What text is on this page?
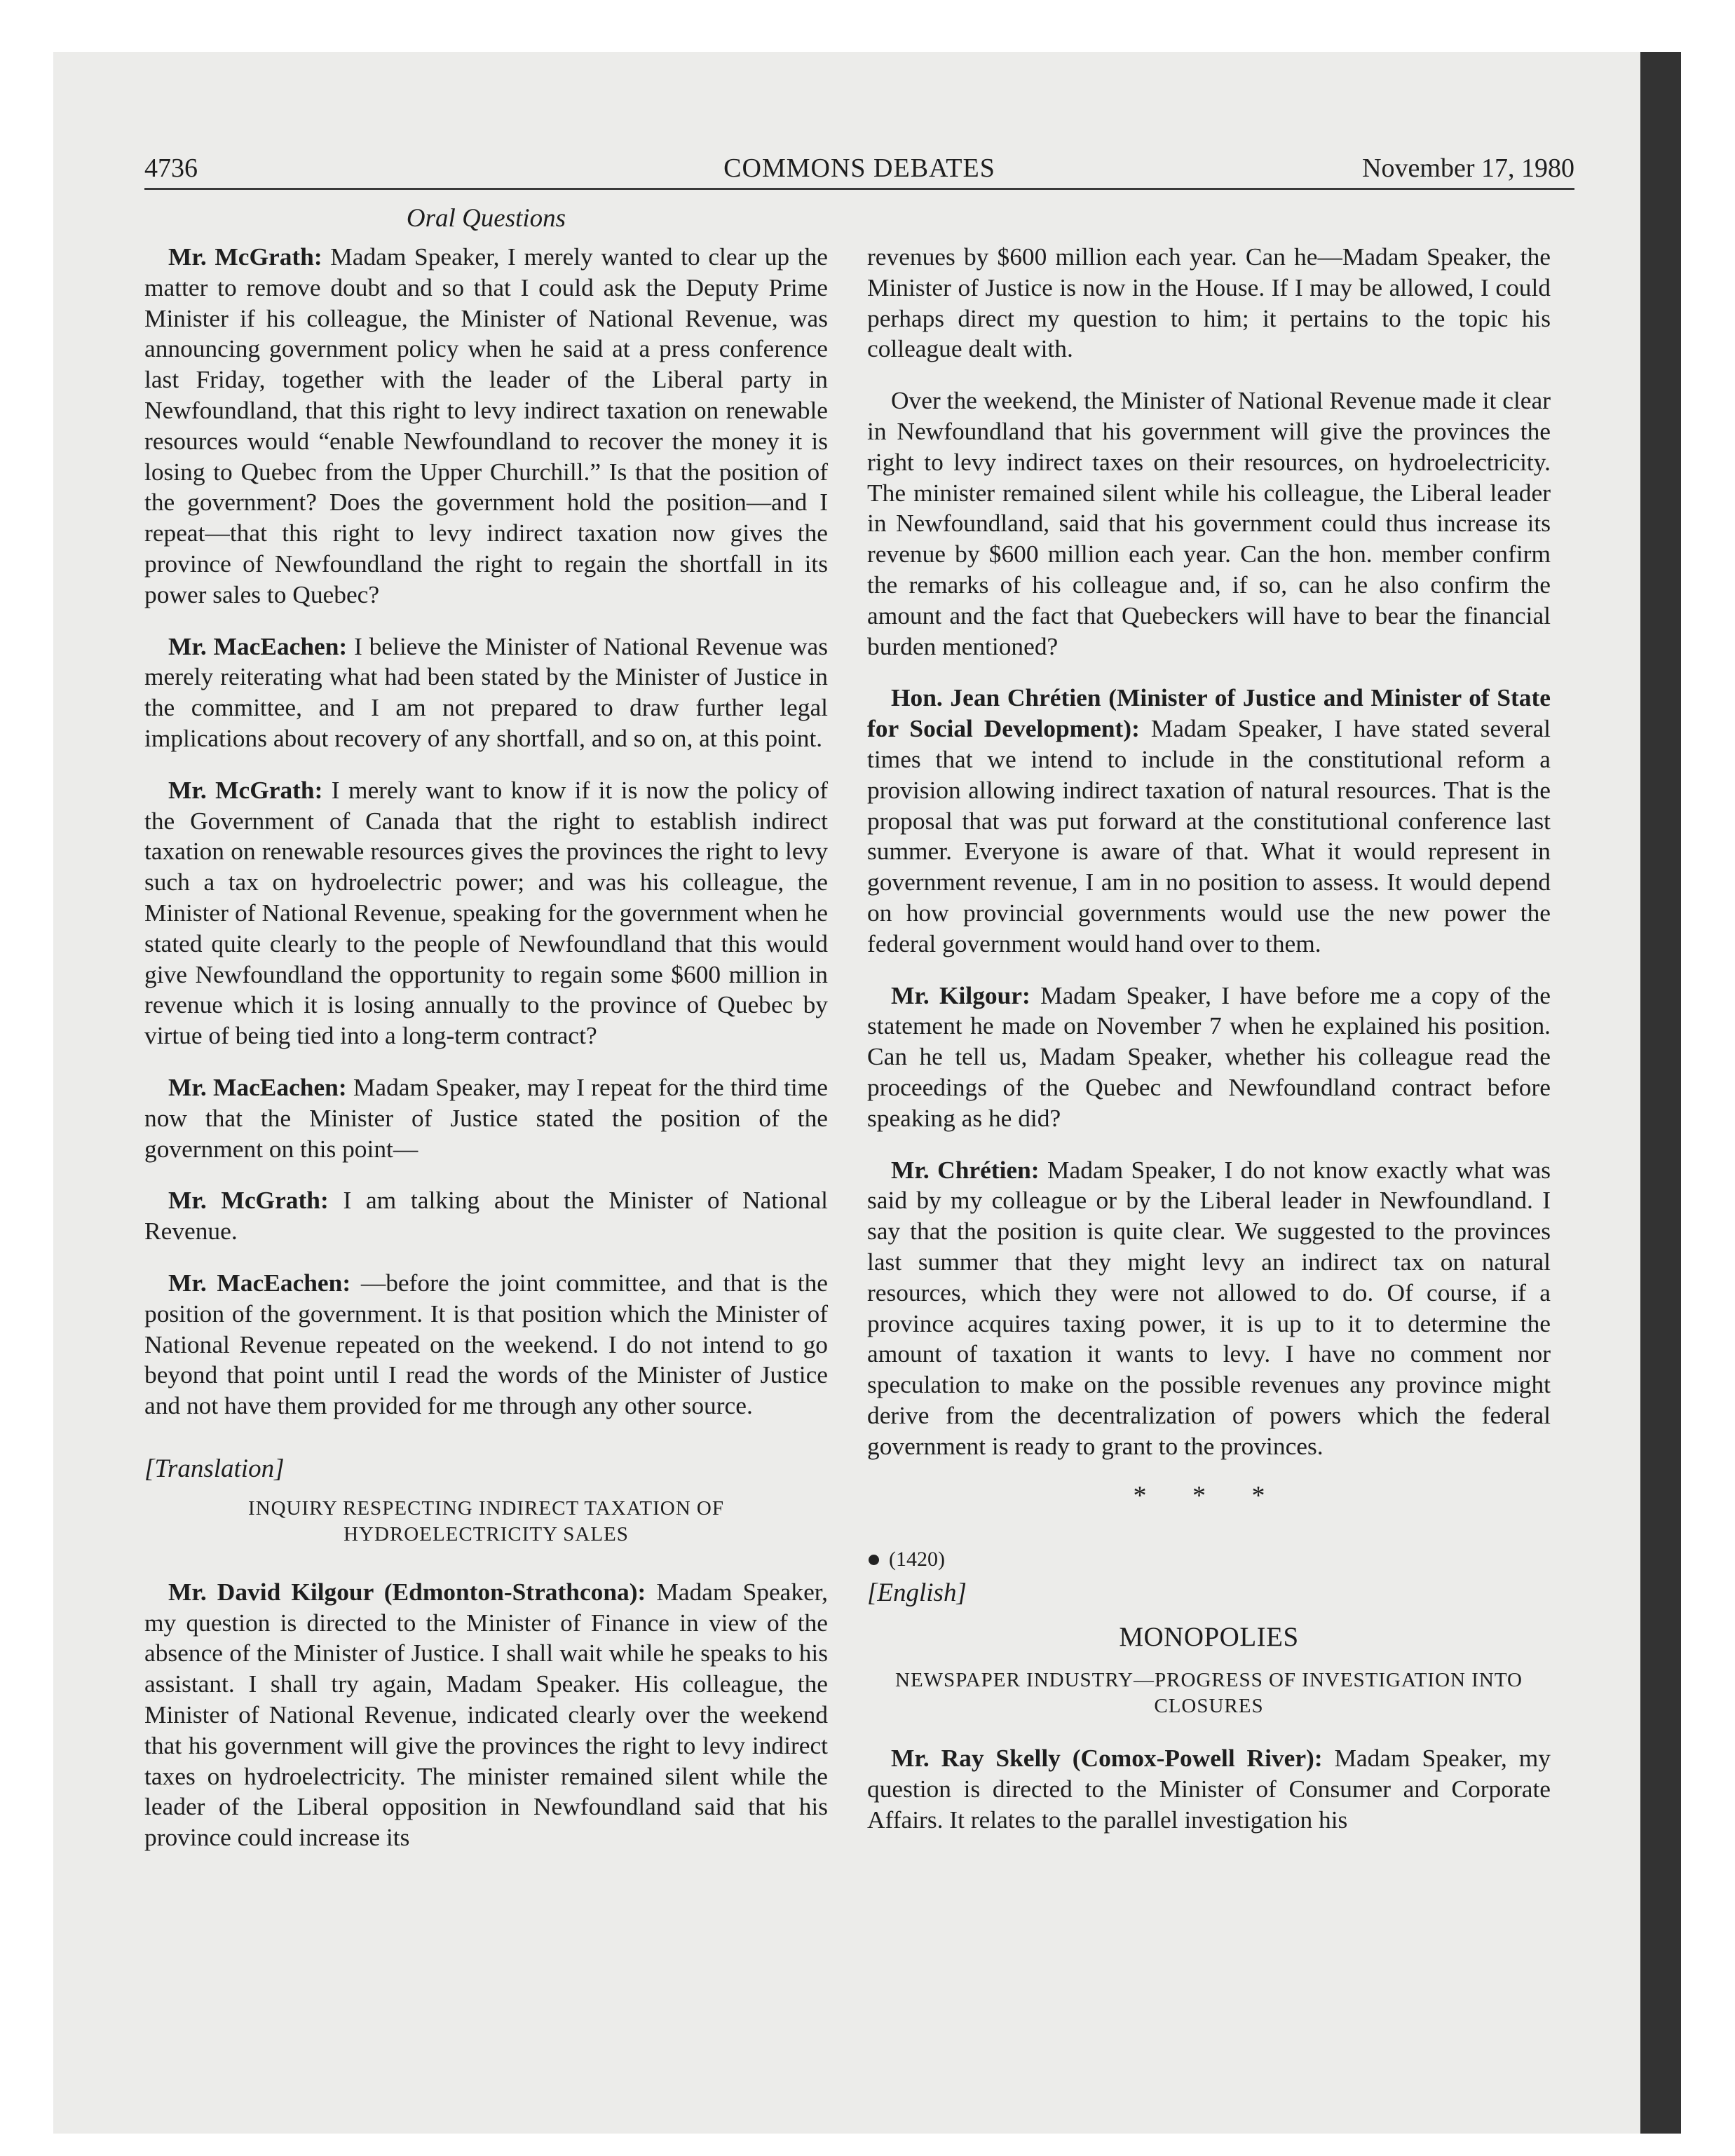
4736	COMMONS DEBATES	November 17, 1980
Oral Questions

Mr. McGrath: Madam Speaker, I merely wanted to clear up the matter to remove doubt and so that I could ask the Deputy Prime Minister if his colleague, the Minister of National Revenue, was announcing government policy when he said at a press conference last Friday, together with the leader of the Liberal party in Newfoundland, that this right to levy indirect taxation on renewable resources would “enable Newfoundland to recover the money it is losing to Quebec from the Upper Churchill.” Is that the position of the government? Does the government hold the position—and I repeat—that this right to levy indirect taxation now gives the province of Newfoundland the right to regain the shortfall in its power sales to Quebec?

Mr. MacEachen: I believe the Minister of National Revenue was merely reiterating what had been stated by the Minister of Justice in the committee, and I am not prepared to draw further legal implications about recovery of any shortfall, and so on, at this point.

Mr. McGrath: I merely want to know if it is now the policy of the Government of Canada that the right to establish indirect taxation on renewable resources gives the provinces the right to levy such a tax on hydroelectric power; and was his colleague, the Minister of National Revenue, speaking for the government when he stated quite clearly to the people of Newfoundland that this would give Newfoundland the opportunity to regain some $600 million in revenue which it is losing annually to the province of Quebec by virtue of being tied into a long-term contract?

Mr. MacEachen: Madam Speaker, may I repeat for the third time now that the Minister of Justice stated the position of the government on this point—

Mr. McGrath: I am talking about the Minister of National Revenue.

Mr. MacEachen: —before the joint committee, and that is the position of the government. It is that position which the Minister of National Revenue repeated on the weekend. I do not intend to go beyond that point until I read the words of the Minister of Justice and not have them provided for me through any other source.

[Translation]
INQUIRY RESPECTING INDIRECT TAXATION OF
HYDROELECTRICITY SALES

Mr. David Kilgour (Edmonton-Strathcona): Madam Speaker, my question is directed to the Minister of Finance in view of the absence of the Minister of Justice. I shall wait while he speaks to his assistant. I shall try again, Madam Speaker. His colleague, the Minister of National Revenue, indicated clearly over the weekend that his government will give the provinces the right to levy indirect taxes on hydroelectricity. The minister remained silent while the leader of the Liberal opposition in Newfoundland said that his province could increase its

revenues by $600 million each year. Can he—Madam Speaker, the Minister of Justice is now in the House. If I may be allowed, I could perhaps direct my question to him; it pertains to the topic his colleague dealt with.

Over the weekend, the Minister of National Revenue made it clear in Newfoundland that his government will give the provinces the right to levy indirect taxes on their resources, on hydroelectricity. The minister remained silent while his colleague, the Liberal leader in Newfoundland, said that his government could thus increase its revenue by $600 million each year. Can the hon. member confirm the remarks of his colleague and, if so, can he also confirm the amount and the fact that Quebeckers will have to bear the financial burden mentioned?

Hon. Jean Chrétien (Minister of Justice and Minister of State for Social Development): Madam Speaker, I have stated several times that we intend to include in the constitutional reform a provision allowing indirect taxation of natural resources. That is the proposal that was put forward at the constitutional conference last summer. Everyone is aware of that. What it would represent in government revenue, I am in no position to assess. It would depend on how provincial governments would use the new power the federal government would hand over to them.

Mr. Kilgour: Madam Speaker, I have before me a copy of the statement he made on November 7 when he explained his position. Can he tell us, Madam Speaker, whether his colleague read the proceedings of the Quebec and Newfoundland contract before speaking as he did?

Mr. Chrétien: Madam Speaker, I do not know exactly what was said by my colleague or by the Liberal leader in Newfoundland. I say that the position is quite clear. We suggested to the provinces last summer that they might levy an indirect tax on natural resources, which they were not allowed to do. Of course, if a province acquires taxing power, it is up to it to determine the amount of taxation it wants to levy. I have no comment nor speculation to make on the possible revenues any province might derive from the decentralization of powers which the federal government is ready to grant to the provinces.

* * *
(1420)
[English]
MONOPOLIES
NEWSPAPER INDUSTRY—PROGRESS OF INVESTIGATION INTO
CLOSURES

Mr. Ray Skelly (Comox-Powell River): Madam Speaker, my question is directed to the Minister of Consumer and Corporate Affairs. It relates to the parallel investigation his
